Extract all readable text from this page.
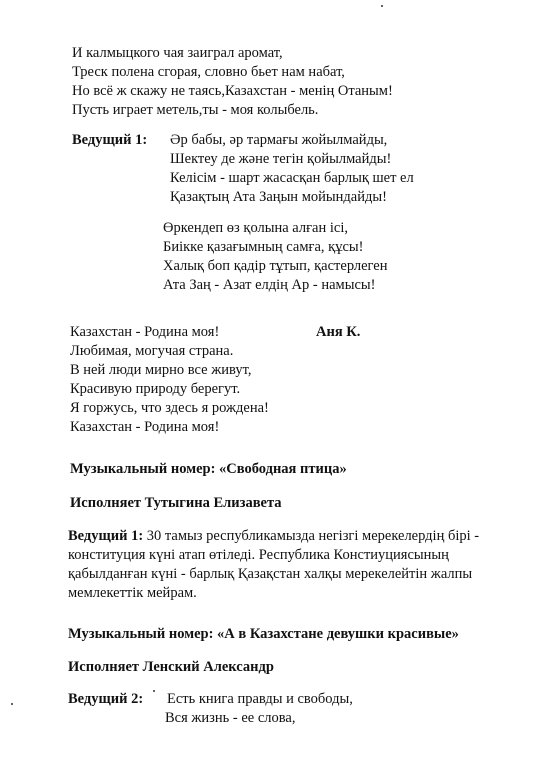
И калмыцкого чая заиграл аромат,
Треск полена сгорая, словно бьет нам набат,
Но всё ж скажу не таясь,Казахстан - менің Отаным!
Пусть играет метель,ты - моя колыбель.
Ведущий 1: Әр бабы, әр тармағы жойылмайды,
Шектеу де және тегін қойылмайды!
Келісім - шарт жасасқан барлық шет ел
Қазақтың Ата Заңын мойындайды!
Өркендеп өз қолына алған ісі,
Биікке қазағымның самға, құсы!
Халық боп қадір тұтып, қастерлеген
Ата Заң - Азат елдің Ар - намысы!
Аня К.
Казахстан - Родина моя!
Любимая, могучая страна.
В ней люди мирно все живут,
Красивую природу берегут.
Я горжусь, что здесь я рождена!
Казахстан - Родина моя!
Музыкальный номер: «Свободная птица»
Исполняет Тутыгина Елизавета
Ведущий 1: 30 тамыз республикамызда негізгі мерекелердің бірі -
конституция күні атап өтіледі. Республика Констиуциясының
қабылданған күні - барлық Қазақстан халқы мерекелейтін жалпы
мемлекеттік мейрам.
Музыкальный номер: «А в Казахстане девушки красивые»
Исполняет Ленский Александр
Ведущий 2: Есть книга правды и свободы,
Вся жизнь - ее слова,
